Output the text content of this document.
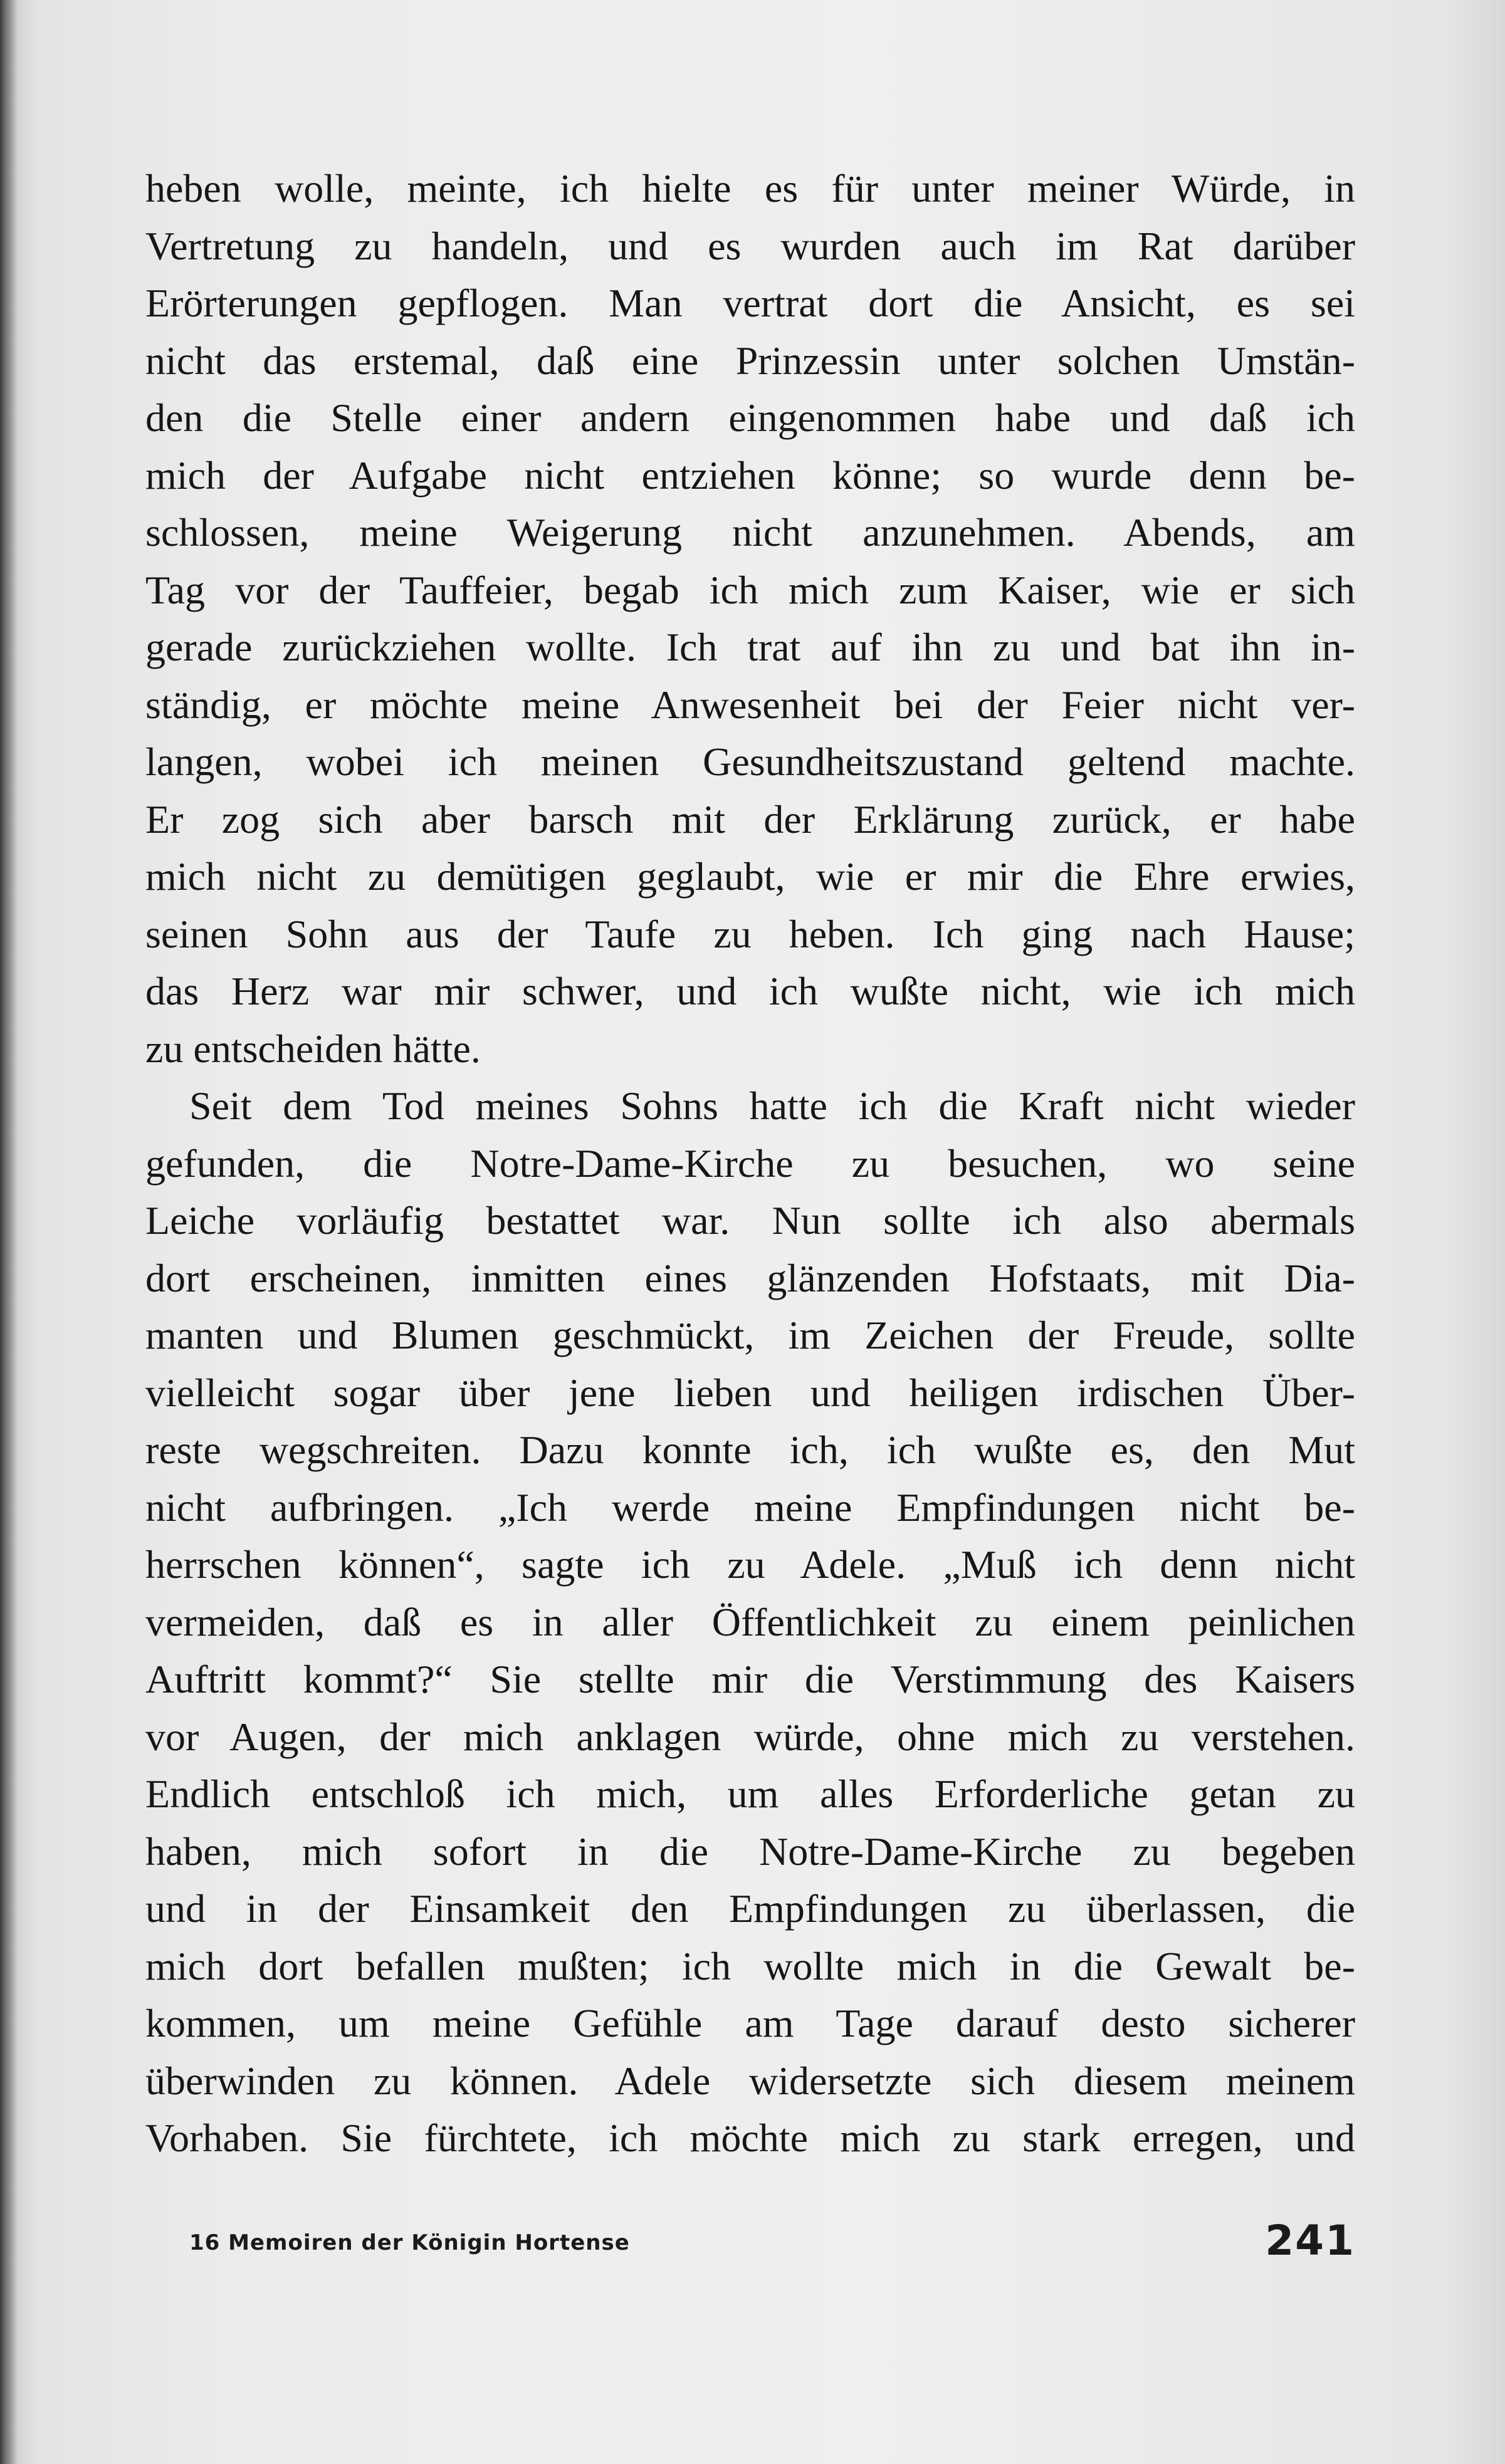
heben wolle, meinte, ich hielte es für unter meiner Würde, in
Vertretung zu handeln, und es wurden auch im Rat darüber
Erörterungen gepflogen. Man vertrat dort die Ansicht, es sei
nicht das erstemal, daß eine Prinzessin unter solchen Umstän-
den die Stelle einer andern eingenommen habe und daß ich
mich der Aufgabe nicht entziehen könne; so wurde denn be-
schlossen, meine Weigerung nicht anzunehmen. Abends, am
Tag vor der Tauffeier, begab ich mich zum Kaiser, wie er sich
gerade zurückziehen wollte. Ich trat auf ihn zu und bat ihn in-
ständig, er möchte meine Anwesenheit bei der Feier nicht ver-
langen, wobei ich meinen Gesundheitszustand geltend machte.
Er zog sich aber barsch mit der Erklärung zurück, er habe
mich nicht zu demütigen geglaubt, wie er mir die Ehre erwies,
seinen Sohn aus der Taufe zu heben. Ich ging nach Hause;
das Herz war mir schwer, und ich wußte nicht, wie ich mich
zu entscheiden hätte.
Seit dem Tod meines Sohns hatte ich die Kraft nicht wieder
gefunden, die Notre-Dame-Kirche zu besuchen, wo seine
Leiche vorläufig bestattet war. Nun sollte ich also abermals
dort erscheinen, inmitten eines glänzenden Hofstaats, mit Dia-
manten und Blumen geschmückt, im Zeichen der Freude, sollte
vielleicht sogar über jene lieben und heiligen irdischen Über-
reste wegschreiten. Dazu konnte ich, ich wußte es, den Mut
nicht aufbringen. „Ich werde meine Empfindungen nicht be-
herrschen können“, sagte ich zu Adele. „Muß ich denn nicht
vermeiden, daß es in aller Öffentlichkeit zu einem peinlichen
Auftritt kommt?“ Sie stellte mir die Verstimmung des Kaisers
vor Augen, der mich anklagen würde, ohne mich zu verstehen.
Endlich entschloß ich mich, um alles Erforderliche getan zu
haben, mich sofort in die Notre-Dame-Kirche zu begeben
und in der Einsamkeit den Empfindungen zu überlassen, die
mich dort befallen mußten; ich wollte mich in die Gewalt be-
kommen, um meine Gefühle am Tage darauf desto sicherer
überwinden zu können. Adele widersetzte sich diesem meinem
Vorhaben. Sie fürchtete, ich möchte mich zu stark erregen, und
16 Memoiren der Königin Hortense	241
